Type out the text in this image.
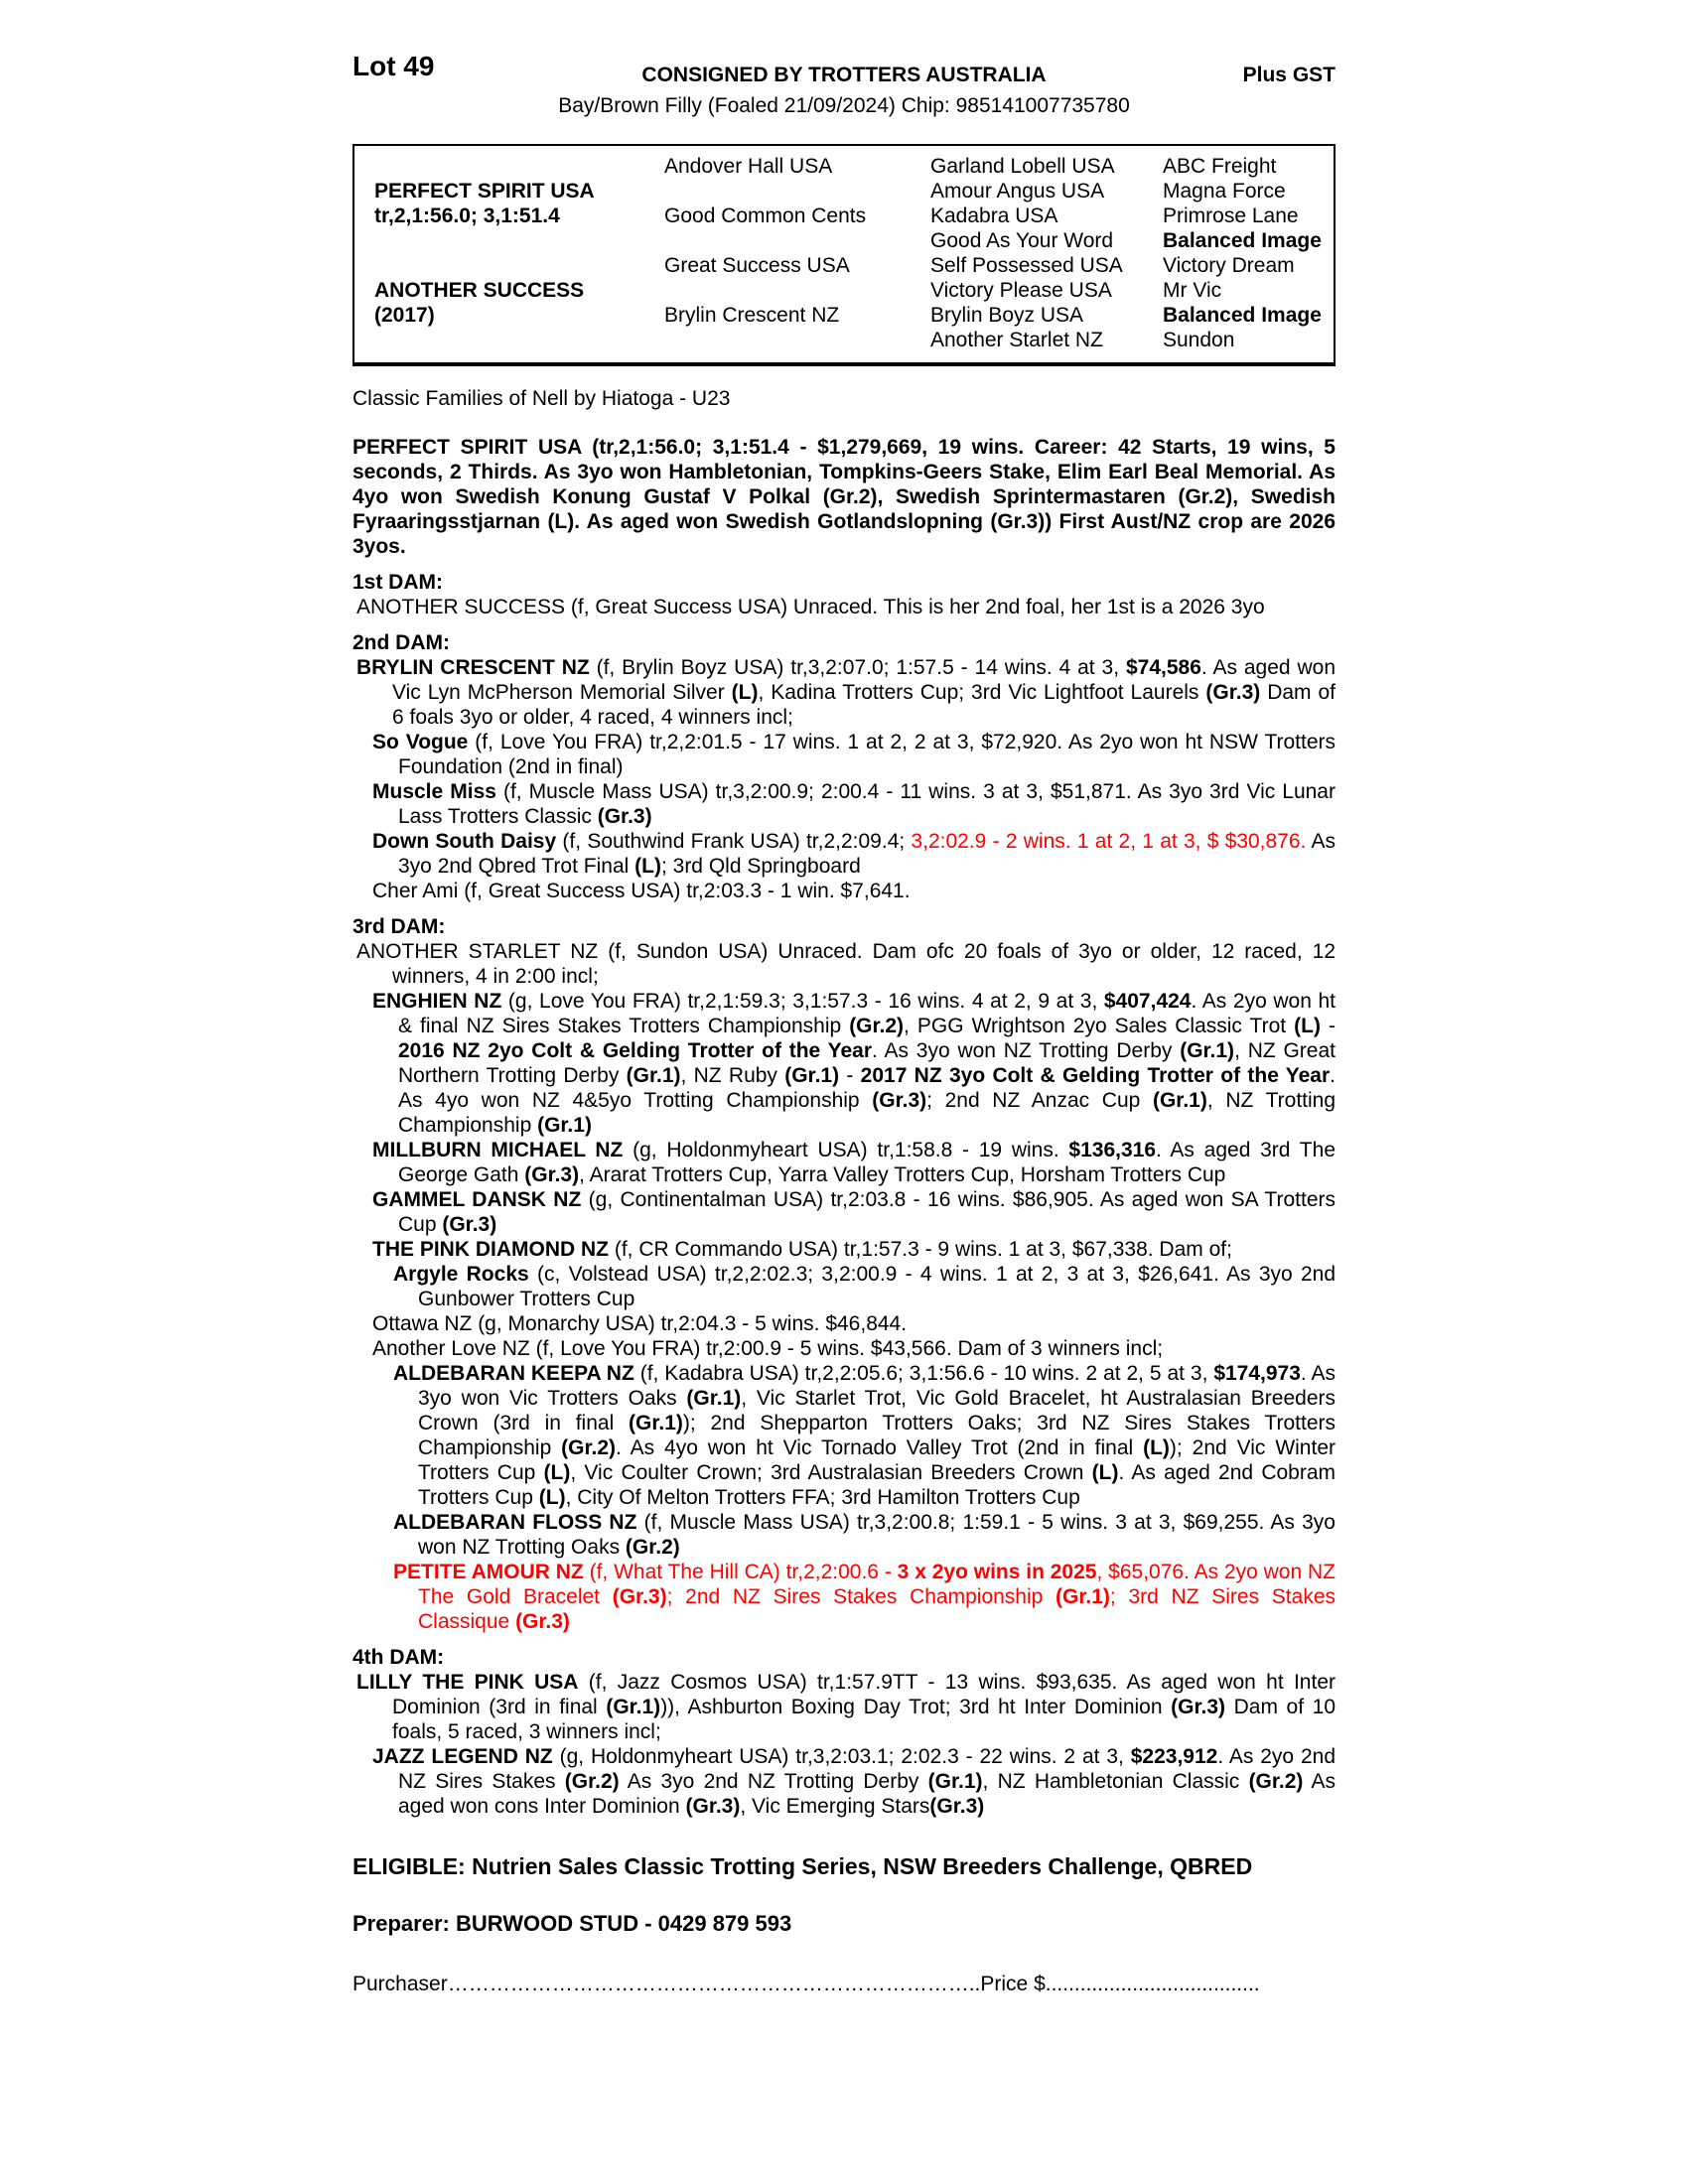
Lot 49	CONSIGNED BY TROTTERS AUSTRALIA	Plus GST
Bay/Brown Filly (Foaled 21/09/2024) Chip: 985141007735780
PERFECT SPIRIT USA
tr,2,1:56.0; 3,1:51.4
ANOTHER SUCCESS
(2017)
Andover Hall USA
Good Common Cents
Great Success USA
Brylin Crescent NZ
Garland Lobell USA
Amour Angus USA
Kadabra USA
Good As Your Word
Self Possessed USA
Victory Please USA
Brylin Boyz USA
Another Starlet NZ
ABC Freight
Magna Force
Primrose Lane
Balanced Image
Victory Dream
Mr Vic
Balanced Image
Sundon
Classic Families of Nell by Hiatoga - U23
PERFECT SPIRIT USA (tr,2,1:56.0; 3,1:51.4 - $1,279,669, 19 wins. Career: 42 Starts, 19 wins, 5 seconds, 2 Thirds. As 3yo won Hambletonian, Tompkins-Geers Stake, Elim Earl Beal Memorial. As 4yo won Swedish Konung Gustaf V Polkal (Gr.2), Swedish Sprintermastaren (Gr.2), Swedish Fyraaringsstjarnan (L). As aged won Swedish Gotlandslopning (Gr.3)) First Aust/NZ crop are 2026 3yos.
1st DAM:
ANOTHER SUCCESS (f, Great Success USA) Unraced. This is her 2nd foal, her 1st is a 2026 3yo
2nd DAM:
BRYLIN CRESCENT NZ (f, Brylin Boyz USA) tr,3,2:07.0; 1:57.5 - 14 wins. 4 at 3, $74,586. As aged won Vic Lyn McPherson Memorial Silver (L), Kadina Trotters Cup; 3rd Vic Lightfoot Laurels (Gr.3) Dam of 6 foals 3yo or older, 4 raced, 4 winners incl;
So Vogue (f, Love You FRA) tr,2,2:01.5 - 17 wins. 1 at 2, 2 at 3, $72,920. As 2yo won ht NSW Trotters Foundation (2nd in final)
Muscle Miss (f, Muscle Mass USA) tr,3,2:00.9; 2:00.4 - 11 wins. 3 at 3, $51,871. As 3yo 3rd Vic Lunar Lass Trotters Classic (Gr.3)
Down South Daisy (f, Southwind Frank USA) tr,2,2:09.4; 3,2:02.9 - 2 wins. 1 at 2, 1 at 3, $ $30,876. As 3yo 2nd Qbred Trot Final (L); 3rd Qld Springboard
Cher Ami (f, Great Success USA) tr,2:03.3 - 1 win. $7,641.
3rd DAM:
ANOTHER STARLET NZ (f, Sundon USA) Unraced. Dam ofc 20 foals of 3yo or older, 12 raced, 12 winners, 4 in 2:00 incl;
ENGHIEN NZ (g, Love You FRA) tr,2,1:59.3; 3,1:57.3 - 16 wins. 4 at 2, 9 at 3, $407,424. As 2yo won ht & final NZ Sires Stakes Trotters Championship (Gr.2), PGG Wrightson 2yo Sales Classic Trot (L) - 2016 NZ 2yo Colt & Gelding Trotter of the Year. As 3yo won NZ Trotting Derby (Gr.1), NZ Great Northern Trotting Derby (Gr.1), NZ Ruby (Gr.1) - 2017 NZ 3yo Colt & Gelding Trotter of the Year. As 4yo won NZ 4&5yo Trotting Championship (Gr.3); 2nd NZ Anzac Cup (Gr.1), NZ Trotting Championship (Gr.1)
MILLBURN MICHAEL NZ (g, Holdonmyheart USA) tr,1:58.8 - 19 wins. $136,316. As aged 3rd The George Gath (Gr.3), Ararat Trotters Cup, Yarra Valley Trotters Cup, Horsham Trotters Cup
GAMMEL DANSK NZ (g, Continentalman USA) tr,2:03.8 - 16 wins. $86,905. As aged won SA Trotters Cup (Gr.3)
THE PINK DIAMOND NZ (f, CR Commando USA) tr,1:57.3 - 9 wins. 1 at 3, $67,338. Dam of;
Argyle Rocks (c, Volstead USA) tr,2,2:02.3; 3,2:00.9 - 4 wins. 1 at 2, 3 at 3, $26,641. As 3yo 2nd Gunbower Trotters Cup
Ottawa NZ (g, Monarchy USA) tr,2:04.3 - 5 wins. $46,844.
Another Love NZ (f, Love You FRA) tr,2:00.9 - 5 wins. $43,566. Dam of 3 winners incl;
ALDEBARAN KEEPA NZ (f, Kadabra USA) tr,2,2:05.6; 3,1:56.6 - 10 wins. 2 at 2, 5 at 3, $174,973. As 3yo won Vic Trotters Oaks (Gr.1), Vic Starlet Trot, Vic Gold Bracelet, ht Australasian Breeders Crown (3rd in final (Gr.1)); 2nd Shepparton Trotters Oaks; 3rd NZ Sires Stakes Trotters Championship (Gr.2). As 4yo won ht Vic Tornado Valley Trot (2nd in final (L)); 2nd Vic Winter Trotters Cup (L), Vic Coulter Crown; 3rd Australasian Breeders Crown (L). As aged 2nd Cobram Trotters Cup (L), City Of Melton Trotters FFA; 3rd Hamilton Trotters Cup
ALDEBARAN FLOSS NZ (f, Muscle Mass USA) tr,3,2:00.8; 1:59.1 - 5 wins. 3 at 3, $69,255. As 3yo won NZ Trotting Oaks (Gr.2)
PETITE AMOUR NZ (f, What The Hill CA) tr,2,2:00.6 - 3 x 2yo wins in 2025, $65,076. As 2yo won NZ The Gold Bracelet (Gr.3); 2nd NZ Sires Stakes Championship (Gr.1); 3rd NZ Sires Stakes Classique (Gr.3)
4th DAM:
LILLY THE PINK USA (f, Jazz Cosmos USA) tr,1:57.9TT - 13 wins. $93,635. As aged won ht Inter Dominion (3rd in final (Gr.1))), Ashburton Boxing Day Trot; 3rd ht Inter Dominion (Gr.3) Dam of 10 foals, 5 raced, 3 winners incl;
JAZZ LEGEND NZ (g, Holdonmyheart USA) tr,3,2:03.1; 2:02.3 - 22 wins. 2 at 3, $223,912. As 2yo 2nd NZ Sires Stakes (Gr.2) As 3yo 2nd NZ Trotting Derby (Gr.1), NZ Hambletonian Classic (Gr.2) As aged won cons Inter Dominion (Gr.3), Vic Emerging Stars(Gr.3)
ELIGIBLE: Nutrien Sales Classic Trotting Series, NSW Breeders Challenge, QBRED
Preparer: BURWOOD STUD - 0429 879 593
Purchaser…………………………………………………………………..Price $.....................................
